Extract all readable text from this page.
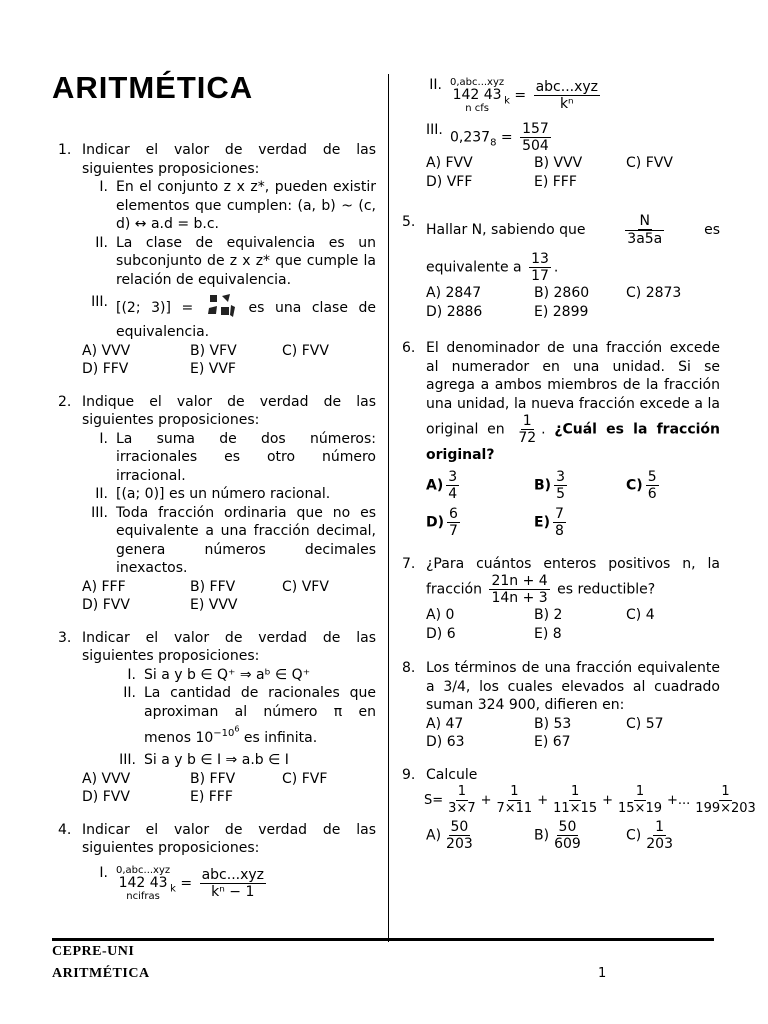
ARITMÉTICA
1. Indicar el valor de verdad de las siguientes proposiciones:
I. En el conjunto z x z*, pueden existir elementos que cumplen: (a, b) ~ (c, d) ↔ a.d = b.c.
II. La clase de equivalencia es un subconjunto de z x z* que cumple la relación de equivalencia.
III. [(2; 3)] =	es una clase de equivalencia.
A) VVV	B) VFV	C) FVV
D) FFV	E) VVF
2. Indique el valor de verdad de las siguientes proposiciones:
I. La suma de dos números: irracionales es otro número irracional.
II. [(a; 0)] es un número racional.
III. Toda fracción ordinaria que no es equivalente a una fracción decimal, genera números decimales inexactos.
A) FFF	B) FFV	C) VFV
D) FVV	E) VVV
3. Indicar el valor de verdad de las siguientes proposiciones:
I. Si a y b ∈ Q⁺ ⇒ aᵇ ∈ Q⁺
II. La cantidad de racionales que aproximan al número π en menos $10^{-10^6}$ es infinita.
III. Si a y b ∈ I ⇒ a.b ∈ I
A) VVV	B) FFV	C) FVF
D) FVV	E) FFF
4. Indicar el valor de verdad de las siguientes proposiciones:
I. 0,abc...xyz
142 43
ncifras
$_k = \frac{\text{abc...xyz}}{\text{kⁿ − 1}}$
II. 0,abc...xyz
142 43
n cfs
$_k = \frac{\text{abc...xyz}}{\text{kⁿ}}$
III. $0,237_8 = \frac{157}{504}$
A) FVV	B) VVV	C) FVV
D) VFF	E) FFF
5. Hallar N, sabiendo que	$\frac{N}{3a5a}$	es
equivalente a $\frac{13}{17}$ .
A) 2847	B) 2860	C) 2873
D) 2886	E) 2899
6. El denominador de una fracción excede al numerador en una unidad. Si se agrega a ambos miembros de la fracción una unidad, la nueva fracción excede a la original en $\frac{1}{72}$ . ¿Cuál es la fracción original?
$A) \frac{3}{4}$	$B) \frac{3}{5}$	$C) \frac{5}{6}$
$D) \frac{6}{7}$	$E) \frac{7}{8}$
7. ¿Para cuántos enteros positivos n, la fracción $\frac{21n + 4}{14n + 3}$ es reductible?
A) 0	B) 2	C) 4
D) 6	E) 8
8. Los términos de una fracción equivalente a 3/4, los cuales elevados al cuadrado suman 324 900, difieren en:
A) 47	B) 53	C) 57
D) 63	E) 67
9. Calcule
$S= \frac{1}{3\times 7} + \frac{1}{7\times 11} + \frac{1}{11\times 15} + \frac{1}{15\times 19}$ +... $\frac{1}{199\times 203}$
$A) \frac{50}{203}$	$B) \frac{50}{609}$	$C) \frac{1}{203}$
CEPRE-UNI
ARITMÉTICA	1
